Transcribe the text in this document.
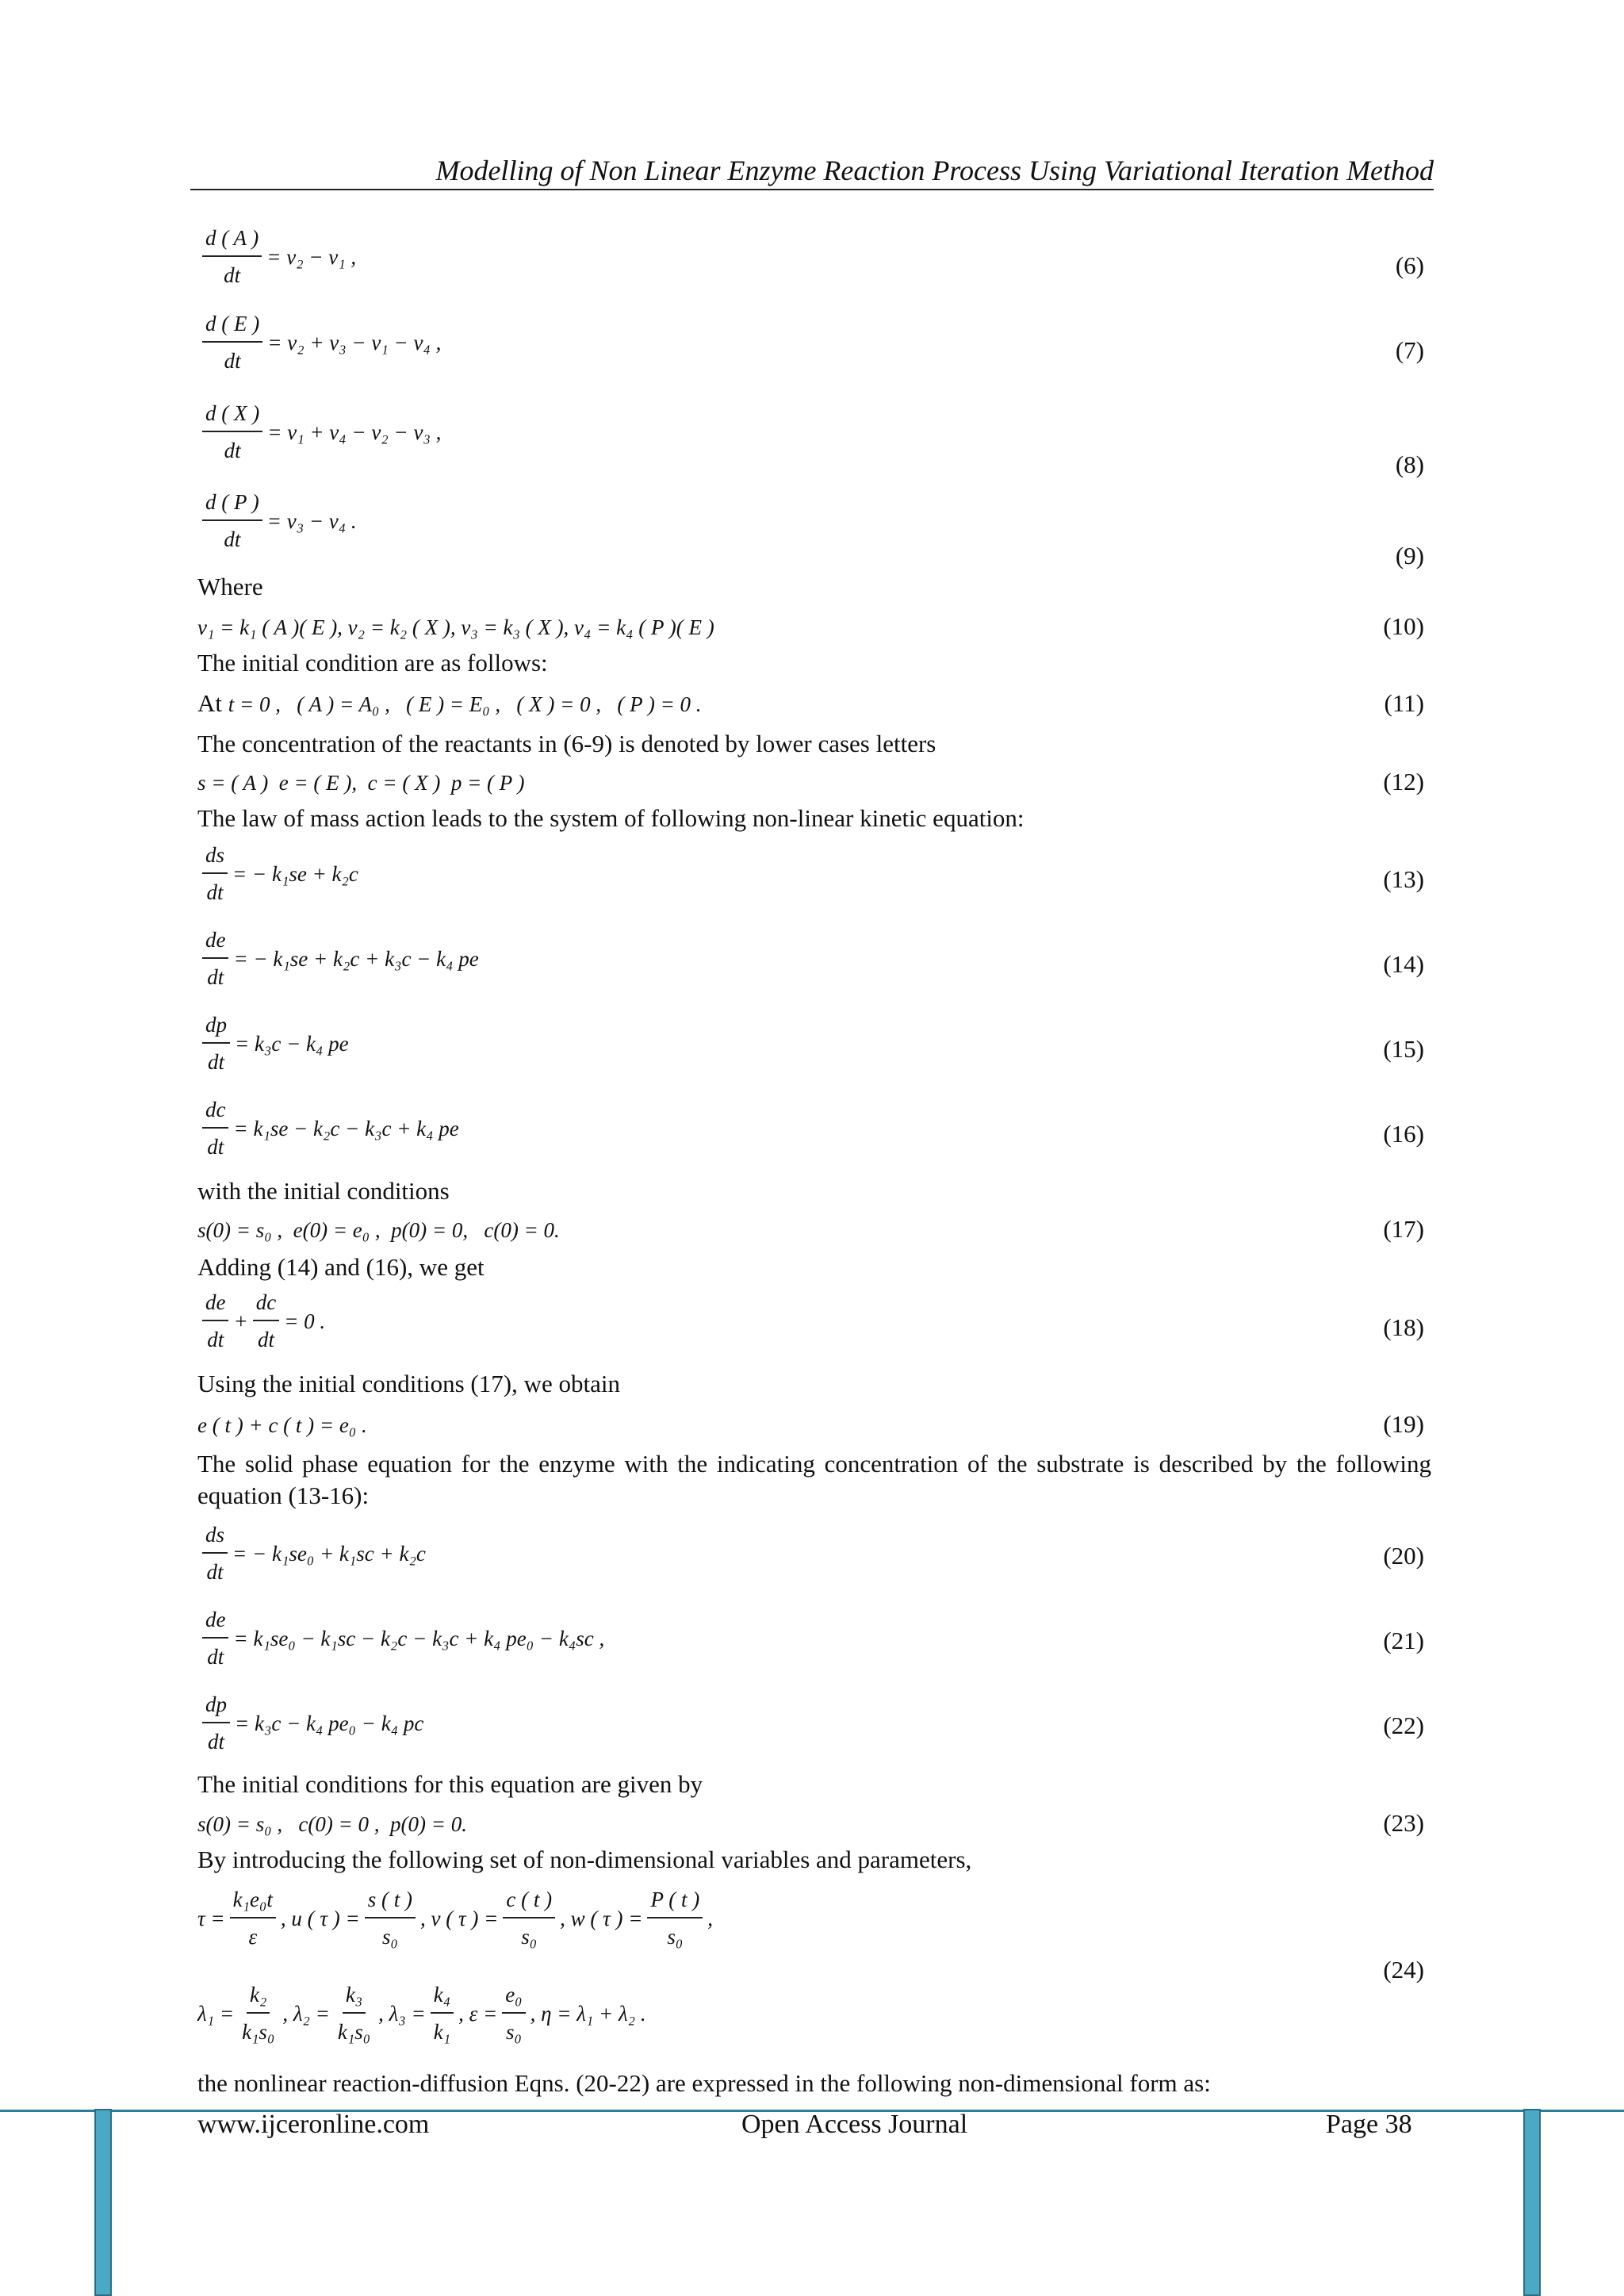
Modelling of Non Linear Enzyme Reaction Process Using Variational Iteration Method
$\frac{d ( A )}{dt} = v_2 - v_1$ ,	(6)
$\frac{d ( E )}{dt} = v_2 + v_3 - v_1 - v_4$ ,	(7)
$\frac{d ( X )}{dt} = v_1 + v_4 - v_2 - v_3$ ,
(8)
$\frac{d ( P )}{dt} = v_3 - v_4$ .
(9)
Where
v₁ = k₁ ( A )( E ), v₂ = k₂ ( X ), v₃ = k₃ ( X ), v₄ = k₄ ( P )( E )	(10)
The initial condition are as follows:
At t = 0 ,   ( A ) = A₀ ,   ( E ) = E₀ ,   ( X ) = 0 ,   ( P ) = 0 .	(11)
The concentration of the reactants in (6-9) is denoted by lower cases letters
s = ( A )  e = ( E ),  c = ( X )  p = ( P )	(12)
The law of mass action leads to the system of following non-linear kinetic equation:
$\frac{ds}{dt}$ = − k₁se + k₂c	(13)
$\frac{de}{dt}$ = − k₁se + k₂c + k₃c − k₄ pe	(14)
$\frac{dp}{dt} = k_3c - k_4$ pe	(15)
$\frac{dc}{dt} = k_1se - k_2c - k_3c + k_4$ pe	(16)
with the initial conditions
s(0) = s₀ ,  e(0) = e₀ ,  p(0) = 0,   c(0) = 0.	(17)
Adding (14) and (16), we get
$\frac{de}{dt} + \frac{dc}{dt} = 0$ .	(18)
Using the initial conditions (17), we obtain
e ( t ) + c ( t ) = e₀ .	(19)
The solid phase equation for the enzyme with the indicating concentration of the substrate is described by the following equation (13-16):
$\frac{ds}{dt}$ = − k₁se₀ + k₁sc + k₂c	(20)
$\frac{de}{dt} = k_1se_0 - k_1sc - k_2c - k_3c + k_4$ pe₀ − k₄sc ,	(21)
$\frac{dp}{dt} = k_3c - k_4$ pe₀ − k₄ pc	(22)
The initial conditions for this equation are given by
s(0) = s₀ ,   c(0) = 0 ,  p(0) = 0.	(23)
By introducing the following set of non-dimensional variables and parameters,
$\tau = \frac{\text{k₁e₀t}}{\varepsilon}$ , u ( τ ) = $\frac{s ( t )}{\text{s₀}}$ , v ( τ ) = $\frac{c ( t )}{\text{s₀}}$ , w ( τ ) = $\frac{P ( t )}{\text{s₀}}$ ,
$\lambda_1 = \frac{\text{k₂}}{\text{k₁s₀}}$ , $\lambda_2 = \frac{\text{k₃}}{\text{k₁s₀}}$ , $\lambda_3 = \frac{\text{k₄}}{\text{k₁}}$ , $\varepsilon = \frac{\text{e₀}}{\text{s₀}}$ , η = λ₁ + λ₂ .
(24)
the nonlinear reaction-diffusion Eqns. (20-22) are expressed in the following non-dimensional form as:
www.ijceronline.com	Open Access Journal	Page 38
